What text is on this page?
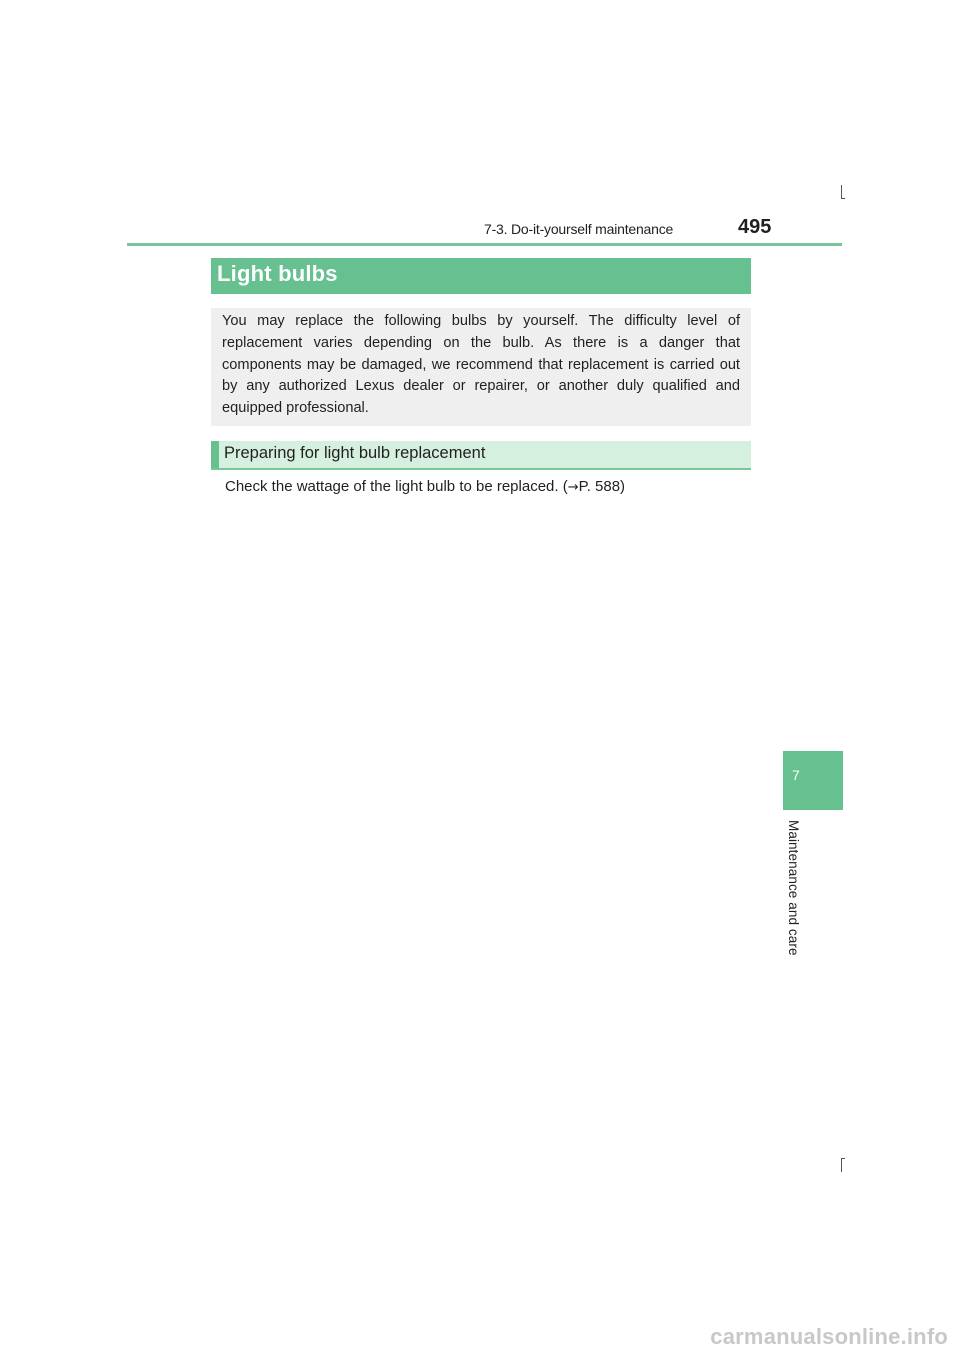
7-3. Do-it-yourself maintenance	495
Light bulbs

You may replace the following bulbs by yourself. The difficulty level of replacement varies depending on the bulb. As there is a danger that components may be damaged, we recommend that replacement is carried out by any authorized Lexus dealer or repairer, or another duly qualified and equipped professional.

Preparing for light bulb replacement
Check the wattage of the light bulb to be replaced. (→P. 588)
7
Maintenance and care
carmanualsonline.info
